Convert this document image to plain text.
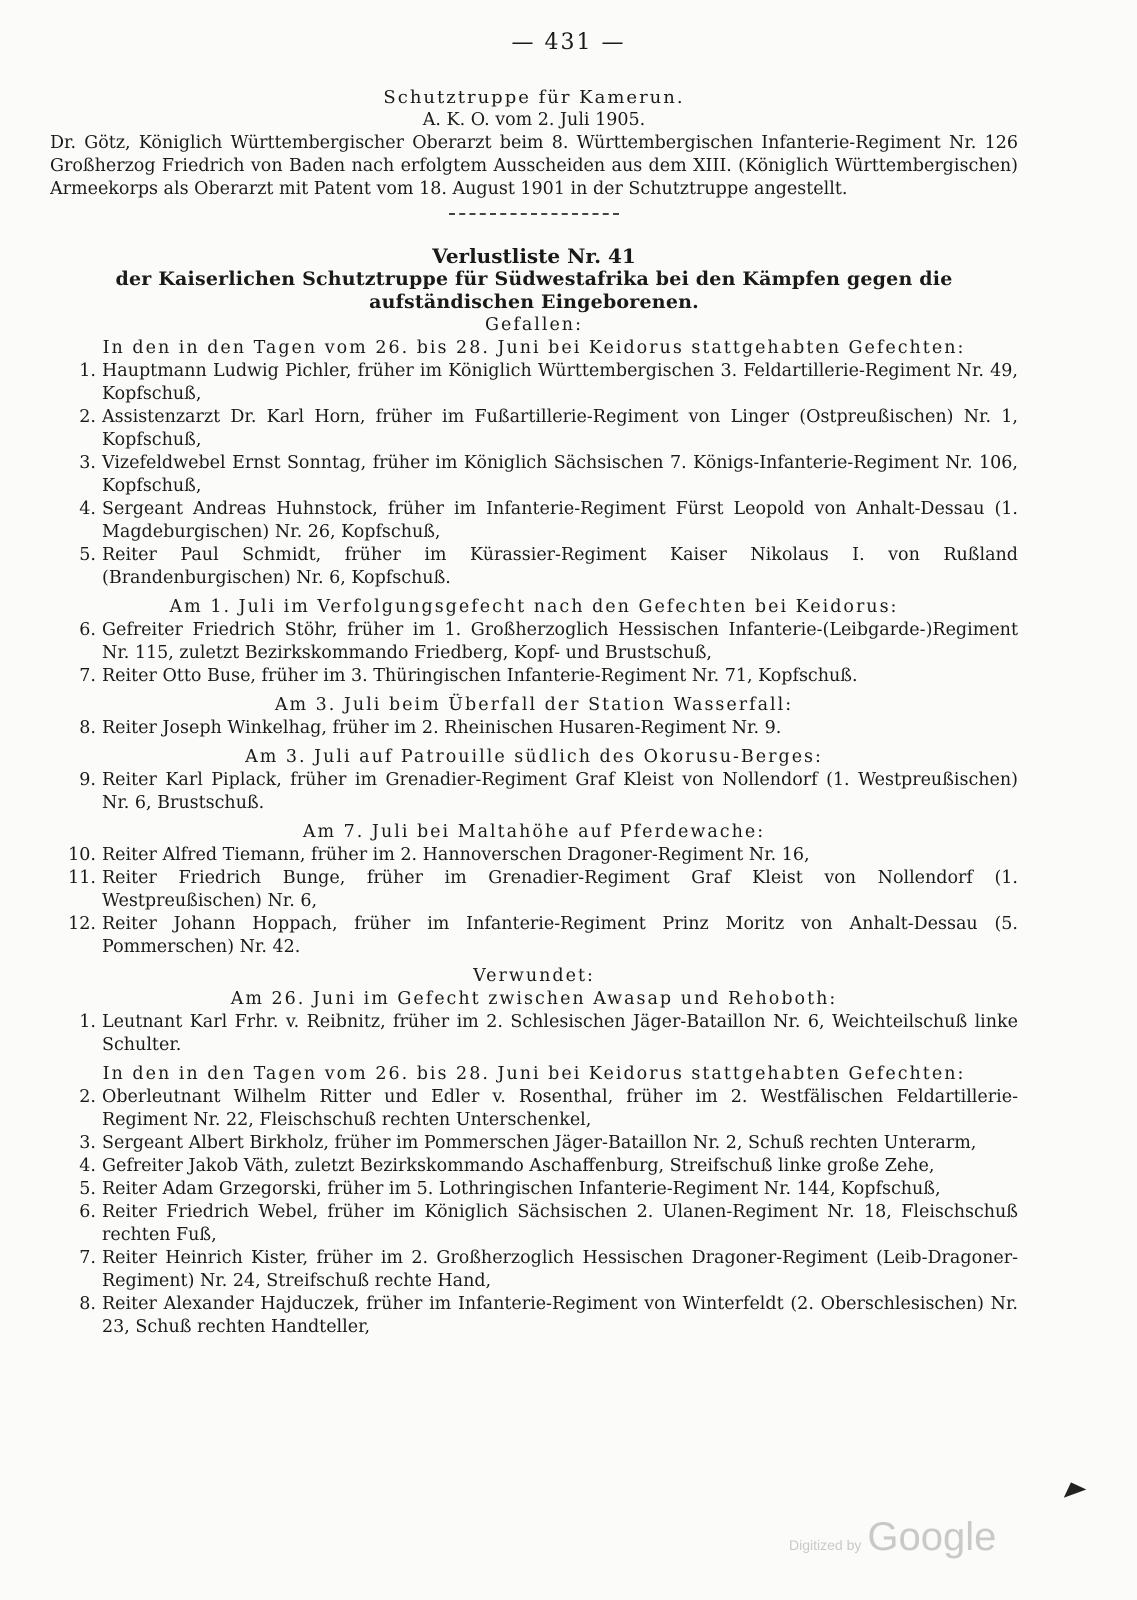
— 431 —
Schutztruppe für Kamerun.
A. K. O. vom 2. Juli 1905.
Dr. Götz, Königlich Württembergischer Oberarzt beim 8. Württembergischen Infanterie-Regiment Nr. 126 Großherzog Friedrich von Baden nach erfolgtem Ausscheiden aus dem XIII. (Königlich Württembergischen) Armeekorps als Oberarzt mit Patent vom 18. August 1901 in der Schutztruppe angestellt.
Verlustliste Nr. 41
der Kaiserlichen Schutztruppe für Südwestafrika bei den Kämpfen gegen die aufständischen Eingeborenen.
Gefallen:
In den in den Tagen vom 26. bis 28. Juni bei Keidorus stattgehabten Gefechten:
1. Hauptmann Ludwig Pichler, früher im Königlich Württembergischen 3. Feldartillerie-Regiment Nr. 49, Kopfschuß,
2. Assistenzarzt Dr. Karl Horn, früher im Fußartillerie-Regiment von Linger (Ostpreußischen) Nr. 1, Kopfschuß,
3. Vizefeldwebel Ernst Sonntag, früher im Königlich Sächsischen 7. Königs-Infanterie-Regiment Nr. 106, Kopfschuß,
4. Sergeant Andreas Huhnstock, früher im Infanterie-Regiment Fürst Leopold von Anhalt-Dessau (1. Magdeburgischen) Nr. 26, Kopfschuß,
5. Reiter Paul Schmidt, früher im Kürassier-Regiment Kaiser Nikolaus I. von Rußland (Brandenburgischen) Nr. 6, Kopfschuß.
Am 1. Juli im Verfolgungsgefecht nach den Gefechten bei Keidorus:
6. Gefreiter Friedrich Stöhr, früher im 1. Großherzoglich Hessischen Infanterie-(Leibgarde-)Regiment Nr. 115, zuletzt Bezirkskommando Friedberg, Kopf- und Brustschuß,
7. Reiter Otto Buse, früher im 3. Thüringischen Infanterie-Regiment Nr. 71, Kopfschuß.
Am 3. Juli beim Überfall der Station Wasserfall:
8. Reiter Joseph Winkelhag, früher im 2. Rheinischen Husaren-Regiment Nr. 9.
Am 3. Juli auf Patrouille südlich des Okorusu-Berges:
9. Reiter Karl Piplack, früher im Grenadier-Regiment Graf Kleist von Nollendorf (1. Westpreußischen) Nr. 6, Brustschuß.
Am 7. Juli bei Maltahöhe auf Pferdewache:
10. Reiter Alfred Tiemann, früher im 2. Hannoverschen Dragoner-Regiment Nr. 16,
11. Reiter Friedrich Bunge, früher im Grenadier-Regiment Graf Kleist von Nollendorf (1. Westpreußischen) Nr. 6,
12. Reiter Johann Hoppach, früher im Infanterie-Regiment Prinz Moritz von Anhalt-Dessau (5. Pommerschen) Nr. 42.
Verwundet:
Am 26. Juni im Gefecht zwischen Awasap und Rehoboth:
1. Leutnant Karl Frhr. v. Reibnitz, früher im 2. Schlesischen Jäger-Bataillon Nr. 6, Weichteilschuß linke Schulter.
In den in den Tagen vom 26. bis 28. Juni bei Keidorus stattgehabten Gefechten:
2. Oberleutnant Wilhelm Ritter und Edler v. Rosenthal, früher im 2. Westfälischen Feldartillerie-Regiment Nr. 22, Fleischschuß rechten Unterschenkel,
3. Sergeant Albert Birkholz, früher im Pommerschen Jäger-Bataillon Nr. 2, Schuß rechten Unterarm,
4. Gefreiter Jakob Väth, zuletzt Bezirkskommando Aschaffenburg, Streifschuß linke große Zehe,
5. Reiter Adam Grzegorski, früher im 5. Lothringischen Infanterie-Regiment Nr. 144, Kopfschuß,
6. Reiter Friedrich Webel, früher im Königlich Sächsischen 2. Ulanen-Regiment Nr. 18, Fleischschuß rechten Fuß,
7. Reiter Heinrich Kister, früher im 2. Großherzoglich Hessischen Dragoner-Regiment (Leib-Dragoner-Regiment) Nr. 24, Streifschuß rechte Hand,
8. Reiter Alexander Hajduczek, früher im Infanterie-Regiment von Winterfeldt (2. Oberschlesischen) Nr. 23, Schuß rechten Handteller,
Digitized by Google
